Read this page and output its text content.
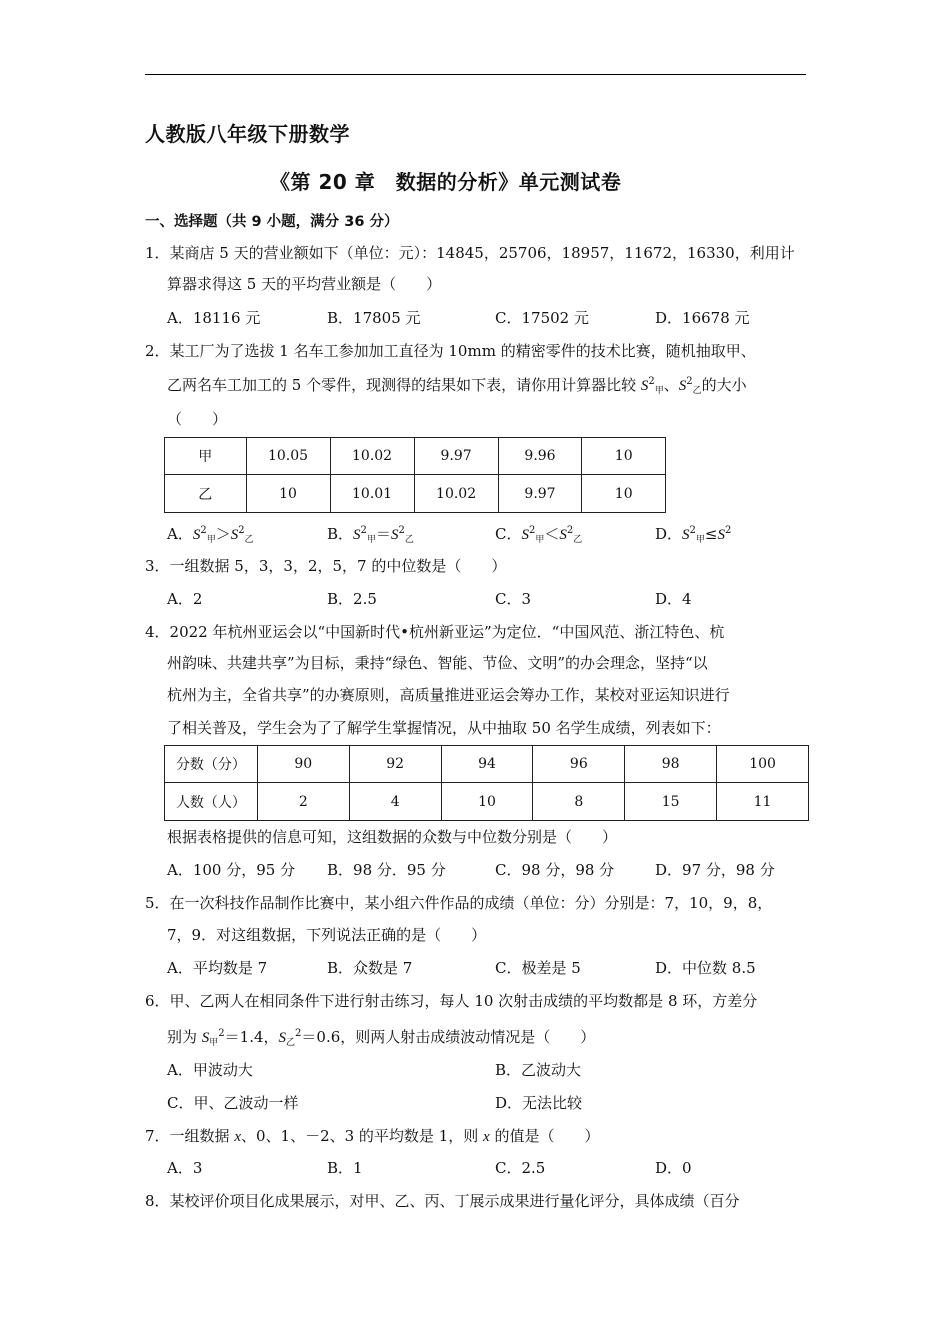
人教版八年级下册数学
《第 20 章　数据的分析》单元测试卷
一、选择题（共 9 小题，满分 36 分）
1．某商店 5 天的营业额如下（单位：元）：14845，25706，18957，11672，16330，利用计
算器求得这 5 天的平均营业额是（　　）
A．18116 元	B．17805 元	C．17502 元	D．16678 元
2．某工厂为了选拔 1 名车工参加加工直径为 10mm 的精密零件的技术比赛，随机抽取甲、
乙两名车工加工的 5 个零件，现测得的结果如下表，请你用计算器比较 $S^2_甲$、$S^2_乙$的大小
（　　）
甲	10.05	10.02	9.97	9.96	10
乙	10	10.01	10.02	9.97	10
A．$S^2_甲>S^2_乙$	B．$S^2_甲=S^2_乙$	C．$S^2_甲<S^2_乙$	D．$S^2_甲\le S^2$
3．一组数据 5，3，3，2，5，7 的中位数是（　　）
A．2	B．2.5	C．3	D．4
4．2022 年杭州亚运会以“中国新时代•杭州新亚运”为定位．“中国风范、浙江特色、杭
州韵味、共建共享”为目标，秉持“绿色、智能、节俭、文明”的办会理念，坚持“以
杭州为主，全省共享”的办赛原则，高质量推进亚运会筹办工作，某校对亚运知识进行
了相关普及，学生会为了了解学生掌握情况，从中抽取 50 名学生成绩，列表如下：
分数（分）	90	92	94	96	98	100
人数（人）	2	4	10	8	15	11
根据表格提供的信息可知，这组数据的众数与中位数分别是（　　）
A．100 分，95 分 B．98 分．95 分	C．98 分，98 分	D．97 分，98 分
5．在一次科技作品制作比赛中，某小组六件作品的成绩（单位：分）分别是：7，10，9，8，
7，9．对这组数据，下列说法正确的是（　　）
A．平均数是 7	B．众数是 7	C．极差是 5	D．中位数 8.5
6．甲、乙两人在相同条件下进行射击练习，每人 10 次射击成绩的平均数都是 8 环，方差分
别为 $S_甲^2=1.4$，$S_乙^2=0.6$，则两人射击成绩波动情况是（　　）
A．甲波动大	B．乙波动大
C．甲、乙波动一样	D．无法比较
7．一组数据 x、0、1、－2、3 的平均数是 1，则 x 的值是（　　）
A．3	B．1	C．2.5	D．0
8．某校评价项目化成果展示，对甲、乙、丙、丁展示成果进行量化评分，具体成绩（百分
